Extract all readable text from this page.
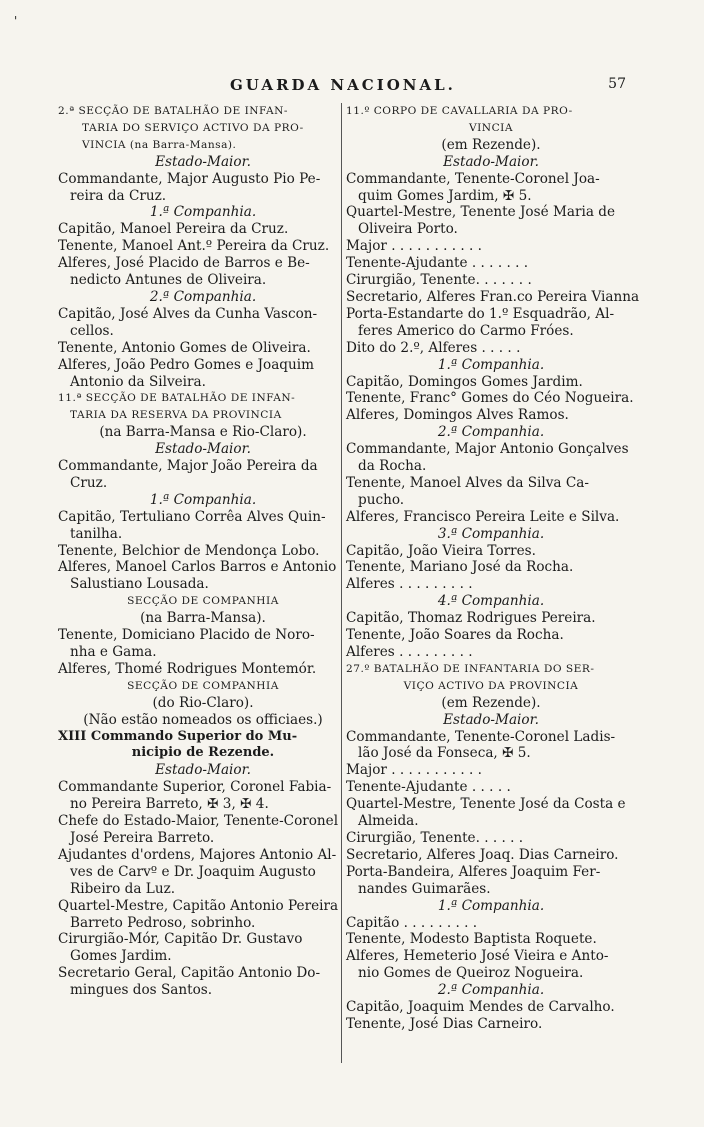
'
GUARDA NACIONAL.	57
2.ª SECÇÃO DE BATALHÃO DE INFAN-
TARIA DO SERVIÇO ACTIVO DA PRO-
VINCIA (na Barra-Mansa).
Estado-Maior.
Commandante, Major Augusto Pio Pe-
reira da Cruz.
1.ª Companhia.
Capitão, Manoel Pereira da Cruz.
Tenente, Manoel Ant.º Pereira da Cruz.
Alferes, José Placido de Barros e Be-
nedicto Antunes de Oliveira.
2.ª Companhia.
Capitão, José Alves da Cunha Vascon-
cellos.
Tenente, Antonio Gomes de Oliveira.
Alferes, João Pedro Gomes e Joaquim
Antonio da Silveira.
11.ª SECÇÃO DE BATALHÃO DE INFAN-
TARIA DA RESERVA DA PROVINCIA
(na Barra-Mansa e Rio-Claro).
Estado-Maior.
Commandante, Major João Pereira da
Cruz.
1.ª Companhia.
Capitão, Tertuliano Corrêa Alves Quin-
tanilha.
Tenente, Belchior de Mendonça Lobo.
Alferes, Manoel Carlos Barros e Antonio
Salustiano Lousada.
SECÇÃO DE COMPANHIA
(na Barra-Mansa).
Tenente, Domiciano Placido de Noro-
nha e Gama.
Alferes, Thomé Rodrigues Montemór.
SECÇÃO DE COMPANHIA
(do Rio-Claro).
(Não estão nomeados os officiaes.)
XIII Commando Superior do Mu-
nicipio de Rezende.
Estado-Maior.
Commandante Superior, Coronel Fabia-
no Pereira Barreto, ✠ 3, ✠ 4.
Chefe do Estado-Maior, Tenente-Coronel
José Pereira Barreto.
Ajudantes d'ordens, Majores Antonio Al-
ves de Carvº e Dr. Joaquim Augusto
Ribeiro da Luz.
Quartel-Mestre, Capitão Antonio Pereira
Barreto Pedroso, sobrinho.
Cirurgião-Mór, Capitão Dr. Gustavo
Gomes Jardim.
Secretario Geral, Capitão Antonio Do-
mingues dos Santos.
11.º CORPO DE CAVALLARIA DA PRO-
VINCIA
(em Rezende).
Estado-Maior.
Commandante, Tenente-Coronel Joa-
quim Gomes Jardim, ✠ 5.
Quartel-Mestre, Tenente José Maria de
Oliveira Porto.
Major . . . . . . . . . . .
Tenente-Ajudante . . . . . . .
Cirurgião, Tenente. . . . . . .
Secretario, Alferes Fran.co Pereira Vianna
Porta-Estandarte do 1.º Esquadrão, Al-
feres Americo do Carmo Fróes.
Dito do 2.º, Alferes . . . . .
1.ª Companhia.
Capitão, Domingos Gomes Jardim.
Tenente, Franc° Gomes do Céo Nogueira.
Alferes, Domingos Alves Ramos.
2.ª Companhia.
Commandante, Major Antonio Gonçalves
da Rocha.
Tenente, Manoel Alves da Silva Ca-
pucho.
Alferes, Francisco Pereira Leite e Silva.
3.ª Companhia.
Capitão, João Vieira Torres.
Tenente, Mariano José da Rocha.
Alferes . . . . . . . . .
4.ª Companhia.
Capitão, Thomaz Rodrigues Pereira.
Tenente, João Soares da Rocha.
Alferes . . . . . . . . .
27.º BATALHÃO DE INFANTARIA DO SER-
VIÇO ACTIVO DA PROVINCIA
(em Rezende).
Estado-Maior.
Commandante, Tenente-Coronel Ladis-
lão José da Fonseca, ✠ 5.
Major . . . . . . . . . . .
Tenente-Ajudante . . . . .
Quartel-Mestre, Tenente José da Costa e
Almeida.
Cirurgião, Tenente. . . . . .
Secretario, Alferes Joaq. Dias Carneiro.
Porta-Bandeira, Alferes Joaquim Fer-
nandes Guimarães.
1.ª Companhia.
Capitão . . . . . . . . .
Tenente, Modesto Baptista Roquete.
Alferes, Hemeterio José Vieira e Anto-
nio Gomes de Queiroz Nogueira.
2.ª Companhia.
Capitão, Joaquim Mendes de Carvalho.
Tenente, José Dias Carneiro.
